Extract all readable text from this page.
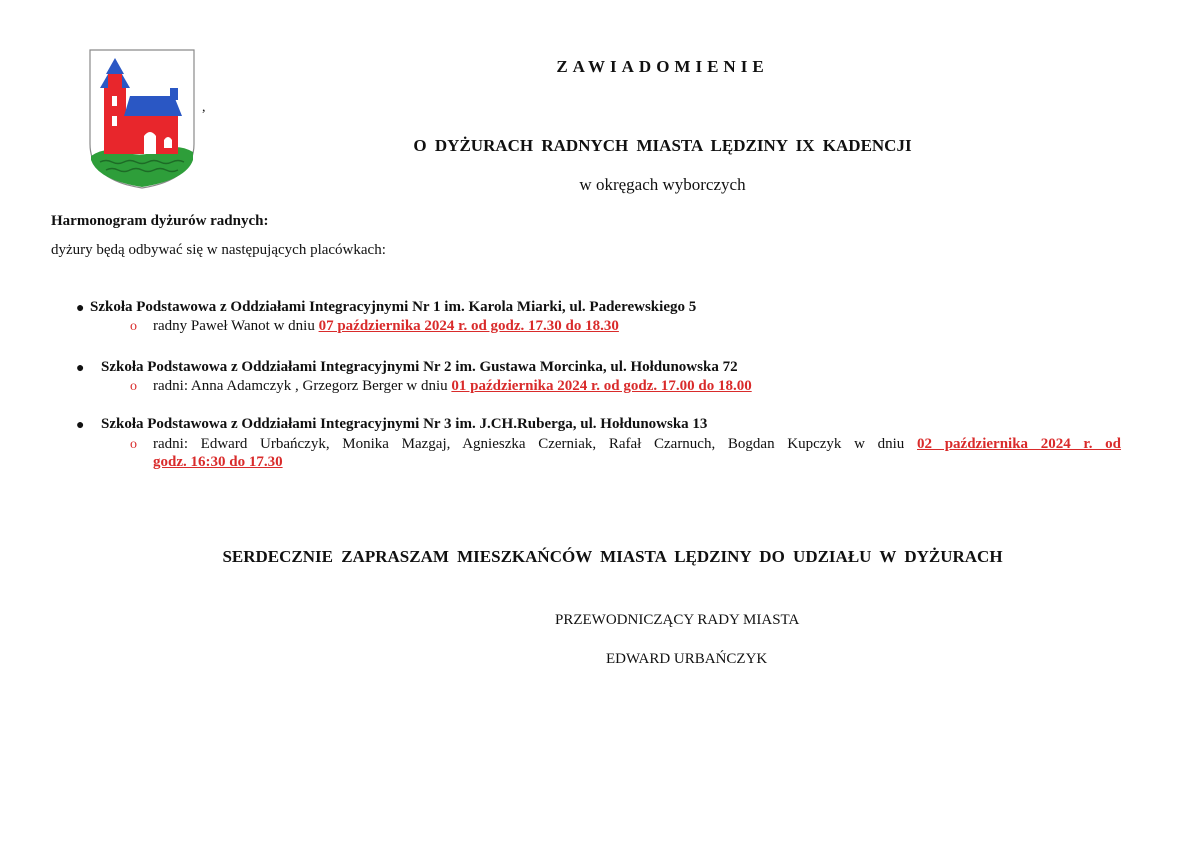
,
ZAWIADOMIENIE
O DYŻURACH RADNYCH MIASTA LĘDZINY IX KADENCJI
w okręgach wyborczych
Harmonogram dyżurów radnych:
dyżury będą odbywać się w następujących placówkach:
● Szkoła Podstawowa z Oddziałami Integracyjnymi Nr 1 im. Karola Miarki, ul. Paderewskiego 5
o radny Paweł Wanot w dniu 07 października 2024 r. od godz. 17.30 do 18.30
● Szkoła Podstawowa z Oddziałami Integracyjnymi Nr 2 im. Gustawa Morcinka, ul. Hołdunowska 72
o radni: Anna Adamczyk , Grzegorz Berger w dniu 01 października 2024 r. od godz. 17.00 do 18.00
● Szkoła Podstawowa z Oddziałami Integracyjnymi Nr 3 im. J.CH.Ruberga, ul. Hołdunowska 13
o radni: Edward Urbańczyk, Monika Mazgaj, Agnieszka Czerniak, Rafał Czarnuch, Bogdan Kupczyk w dniu 02 października 2024 r. od
godz. 16:30 do 17.30
SERDECZNIE ZAPRASZAM MIESZKAŃCÓW MIASTA LĘDZINY DO UDZIAŁU W DYŻURACH
PRZEWODNICZĄCY RADY MIASTA
EDWARD URBAŃCZYK
